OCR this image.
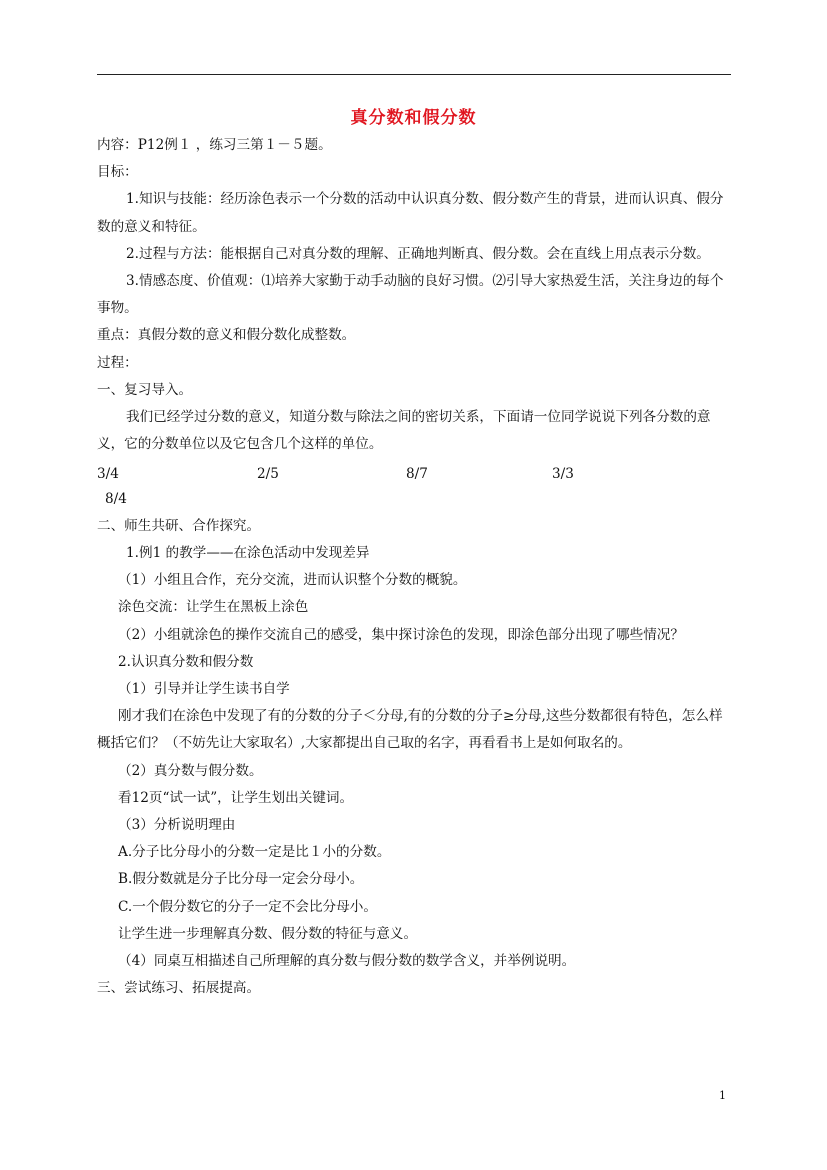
真分数和假分数

内容：P12例１ ，练习三第１－５题。

目标：

1.知识与技能：经历涂色表示一个分数的活动中认识真分数、假分数产生的背景，进而认识真、假分数的意义和特征。

2.过程与方法：能根据自己对真分数的理解、正确地判断真、假分数。会在直线上用点表示分数。

3.情感态度、价值观：⑴培养大家勤于动手动脑的良好习惯。⑵引导大家热爱生活，关注身边的每个事物。

重点：真假分数的意义和假分数化成整数。

过程：

一、复习导入。

我们已经学过分数的意义，知道分数与除法之间的密切关系，下面请一位同学说说下列各分数的意义，它的分数单位以及它包含几个这样的单位。

3/4	2/5	8/7	3/3

8/4

二、师生共研、合作探究。

1.例1 的教学——在涂色活动中发现差异

（1）小组且合作，充分交流，进而认识整个分数的概貌。

涂色交流：让学生在黑板上涂色

（2）小组就涂色的操作交流自己的感受，集中探讨涂色的发现，即涂色部分出现了哪些情况？

2.认识真分数和假分数

（1）引导并让学生读书自学

刚才我们在涂色中发现了有的分数的分子＜分母,有的分数的分子≥分母,这些分数都很有特色，怎么样概括它们？（不妨先让大家取名）,大家都提出自己取的名字，再看看书上是如何取名的。

（2）真分数与假分数。

看12页“试一试”，让学生划出关键词。

（3）分析说明理由

A.分子比分母小的分数一定是比１小的分数。

B.假分数就是分子比分母一定会分母小。

C.一个假分数它的分子一定不会比分母小。

让学生进一步理解真分数、假分数的特征与意义。

（4）同桌互相描述自己所理解的真分数与假分数的数学含义，并举例说明。

三、尝试练习、拓展提高。

1
